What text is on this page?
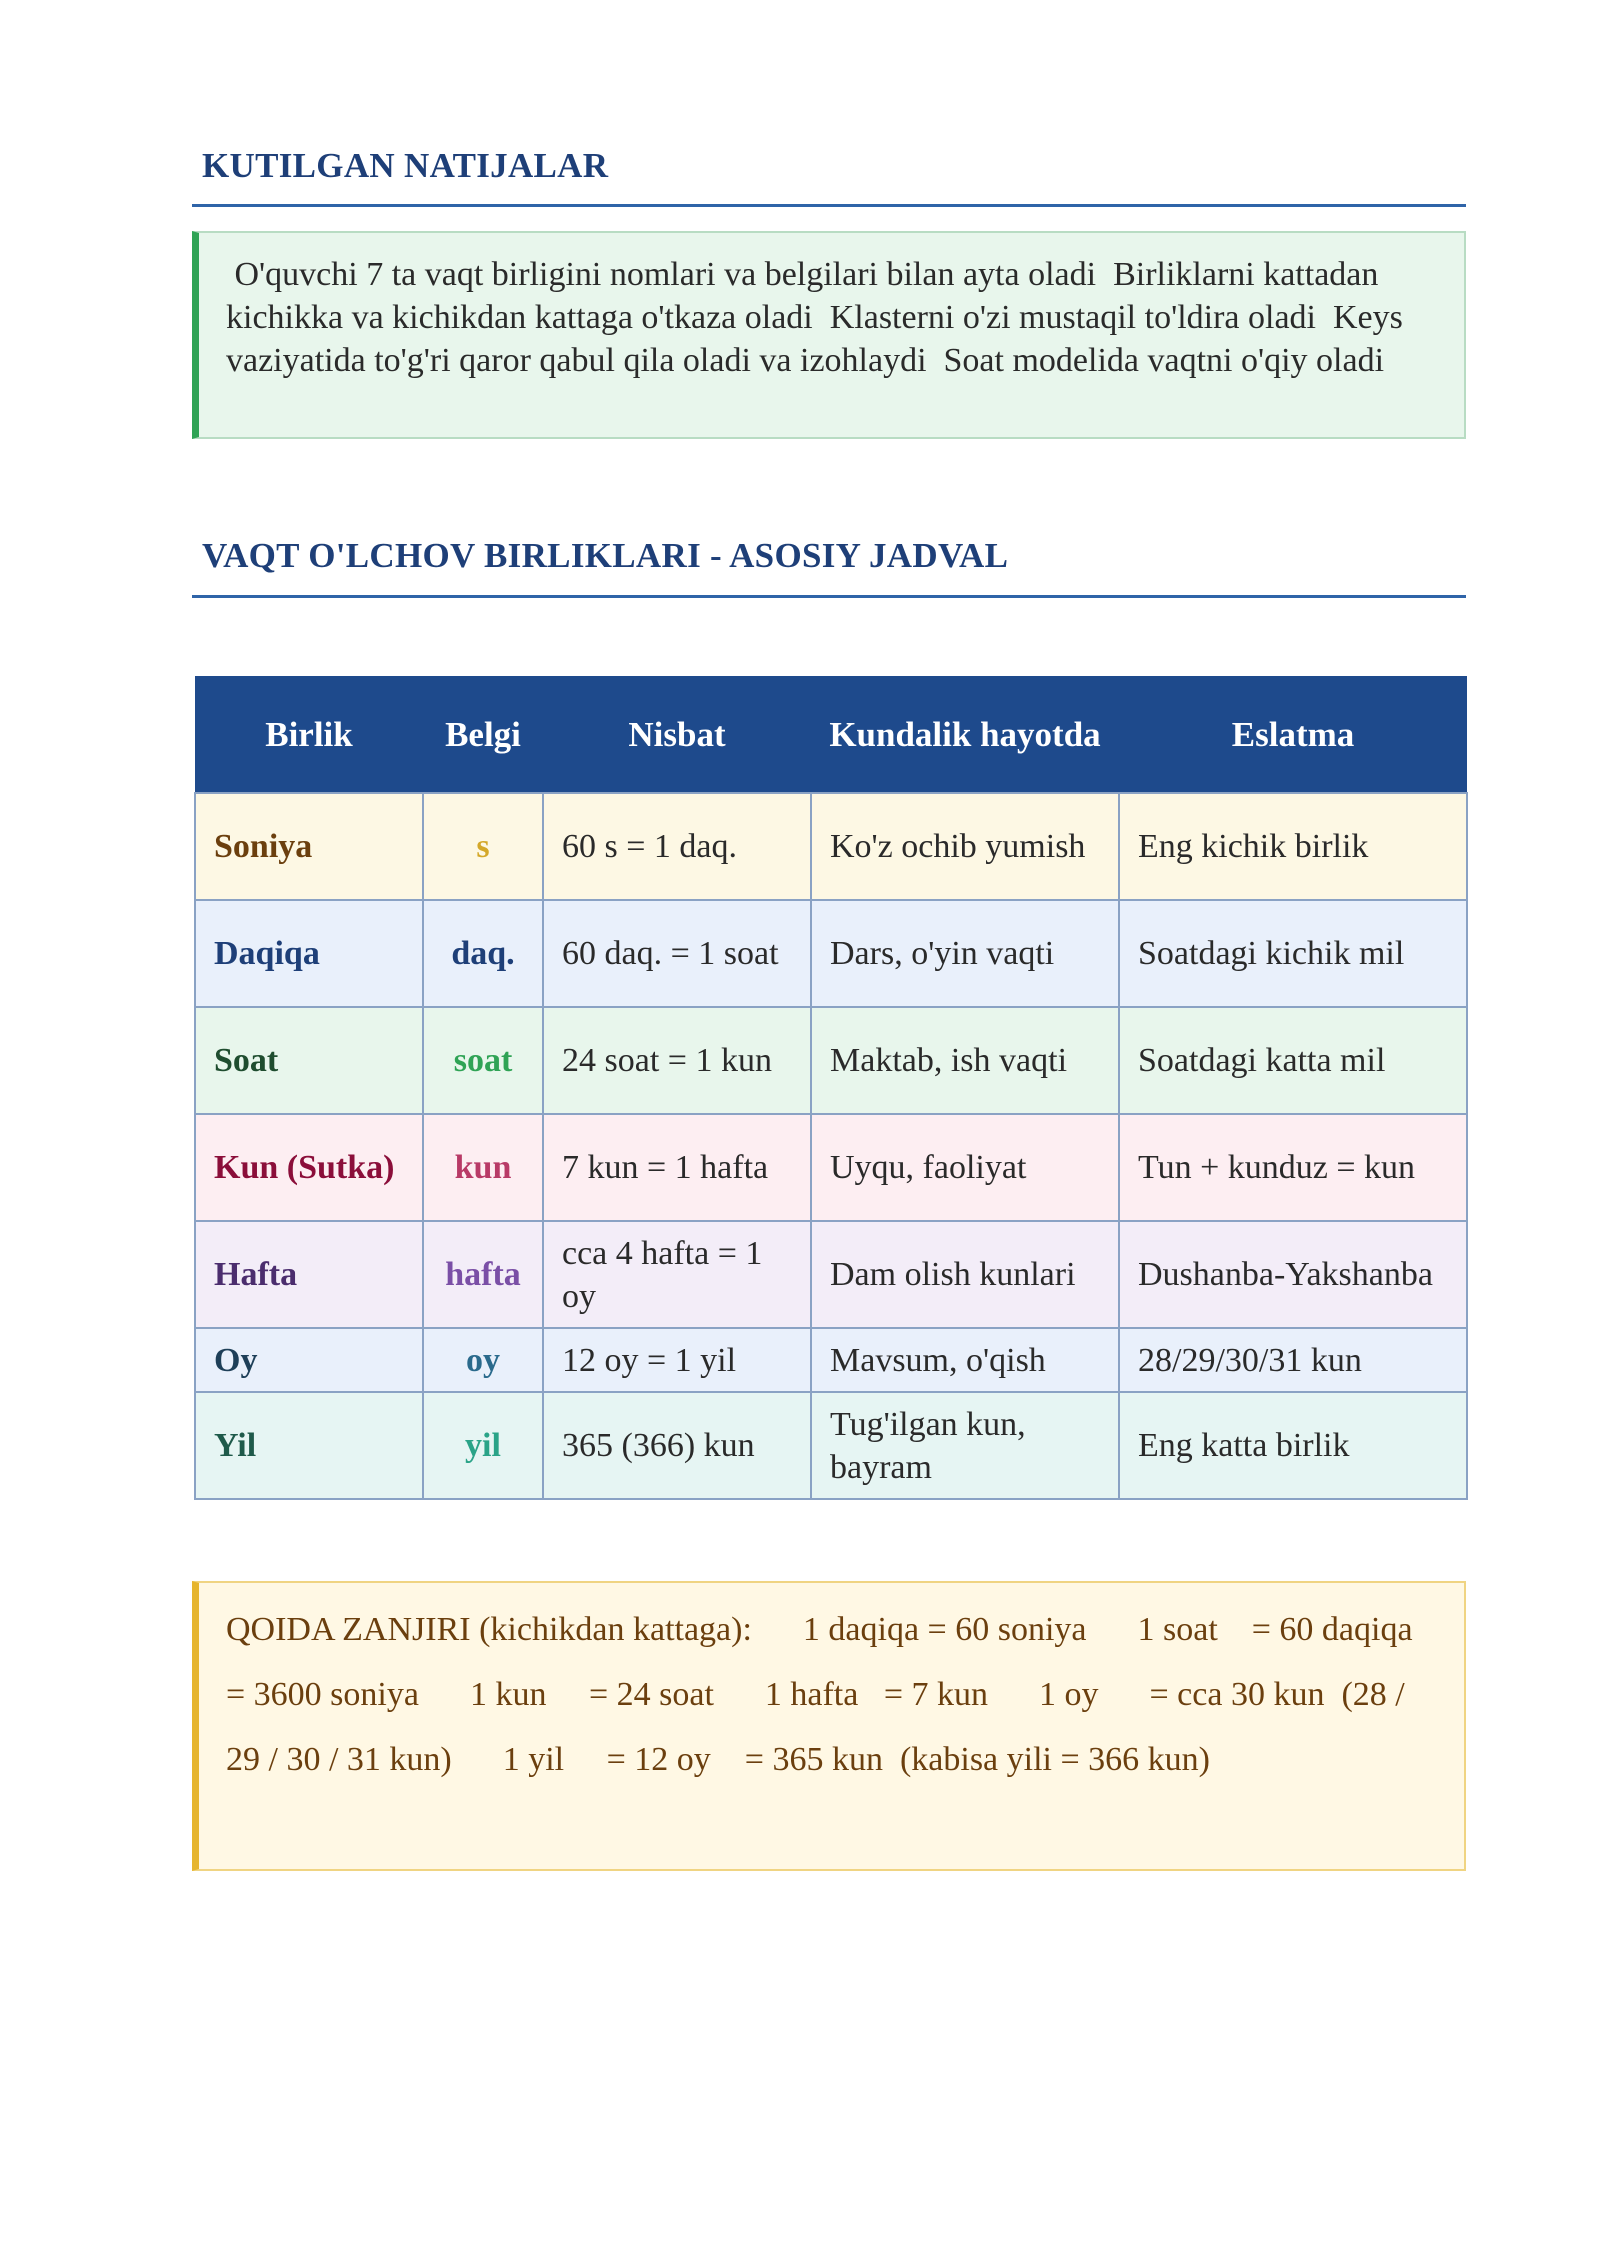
KUTILGAN NATIJALAR

O'quvchi 7 ta vaqt birligini nomlari va belgilari bilan ayta oladi  Birliklarni kattadan kichikka va kichikdan kattaga o'tkaza oladi  Klasterni o'zi mustaqil to'ldira oladi  Keys vaziyatida to'g'ri qaror qabul qila oladi va izohlaydi  Soat modelida vaqtni o'qiy oladi

VAQT O'LCHOV BIRLIKLARI - ASOSIY JADVAL
Birlik	Belgi	Nisbat	Kundalik hayotda	Eslatma
Soniya	s	60 s = 1 daq.	Ko'z ochib yumish	Eng kichik birlik
Daqiqa	daq.	60 daq. = 1 soat	Dars, o'yin vaqti	Soatdagi kichik mil
Soat	soat	24 soat = 1 kun	Maktab, ish vaqti	Soatdagi katta mil
Kun (Sutka)	kun	7 kun = 1 hafta	Uyqu, faoliyat	Tun + kunduz = kun
Hafta	hafta	cca 4 hafta = 1 oy	Dam olish kunlari	Dushanba-Yakshanba
Oy	oy	12 oy = 1 yil	Mavsum, o'qish	28/29/30/31 kun
Yil	yil	365 (366) kun	Tug'ilgan kun, bayram	Eng katta birlik

QOIDA ZANJIRI (kichikdan kattaga):      1 daqiqa = 60 soniya      1 soat    = 60 daqiqa    = 3600 soniya      1 kun     = 24 soat      1 hafta   = 7 kun      1 oy      = cca 30 kun  (28 / 29 / 30 / 31 kun)      1 yil     = 12 oy    = 365 kun  (kabisa yili = 366 kun)
